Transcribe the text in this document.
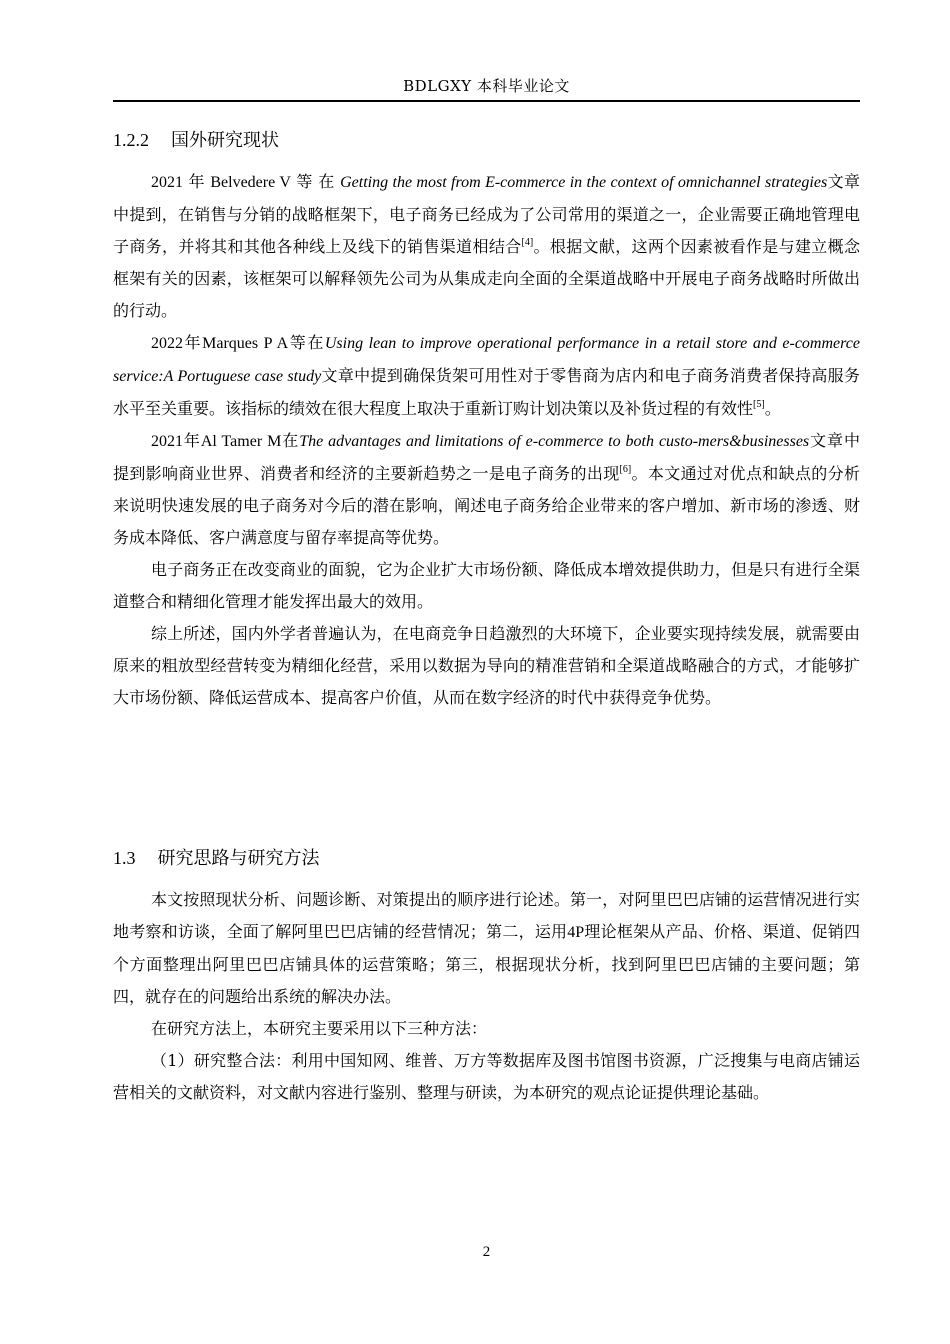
BDLGXY 本科毕业论文
1.2.2 国外研究现状

2021 年 Belvedere V 等 在 Getting the most from E-commerce in the context of omnichannel strategies文章中提到，在销售与分销的战略框架下，电子商务已经成为了公司常用的渠道之一，企业需要正确地管理电子商务，并将其和其他各种线上及线下的销售渠道相结合[4]。根据文献，这两个因素被看作是与建立概念框架有关的因素，该框架可以解释领先公司为从集成走向全面的全渠道战略中开展电子商务战略时所做出的行动。

2022年Marques P A等在Using lean to improve operational performance in a retail store and e-commerce service:A Portuguese case study文章中提到确保货架可用性对于零售商为店内和电子商务消费者保持高服务水平至关重要。该指标的绩效在很大程度上取决于重新订购计划决策以及补货过程的有效性[5]。

2021年Al Tamer M在The advantages and limitations of e-commerce to both custo-mers&businesses文章中提到影响商业世界、消费者和经济的主要新趋势之一是电子商务的出现[6]。本文通过对优点和缺点的分析来说明快速发展的电子商务对今后的潜在影响，阐述电子商务给企业带来的客户增加、新市场的渗透、财务成本降低、客户满意度与留存率提高等优势。

电子商务正在改变商业的面貌，它为企业扩大市场份额、降低成本增效提供助力，但是只有进行全渠道整合和精细化管理才能发挥出最大的效用。

综上所述，国内外学者普遍认为，在电商竞争日趋激烈的大环境下，企业要实现持续发展，就需要由原来的粗放型经营转变为精细化经营，采用以数据为导向的精准营销和全渠道战略融合的方式，才能够扩大市场份额、降低运营成本、提高客户价值，从而在数字经济的时代中获得竞争优势。

1.3 研究思路与研究方法

本文按照现状分析、问题诊断、对策提出的顺序进行论述。第一，对阿里巴巴店铺的运营情况进行实地考察和访谈，全面了解阿里巴巴店铺的经营情况；第二，运用4P理论框架从产品、价格、渠道、促销四个方面整理出阿里巴巴店铺具体的运营策略；第三，根据现状分析，找到阿里巴巴店铺的主要问题；第四，就存在的问题给出系统的解决办法。

在研究方法上，本研究主要采用以下三种方法：

（1）研究整合法：利用中国知网、维普、万方等数据库及图书馆图书资源，广泛搜集与电商店铺运营相关的文献资料，对文献内容进行鉴别、整理与研读，为本研究的观点论证提供理论基础。

2
